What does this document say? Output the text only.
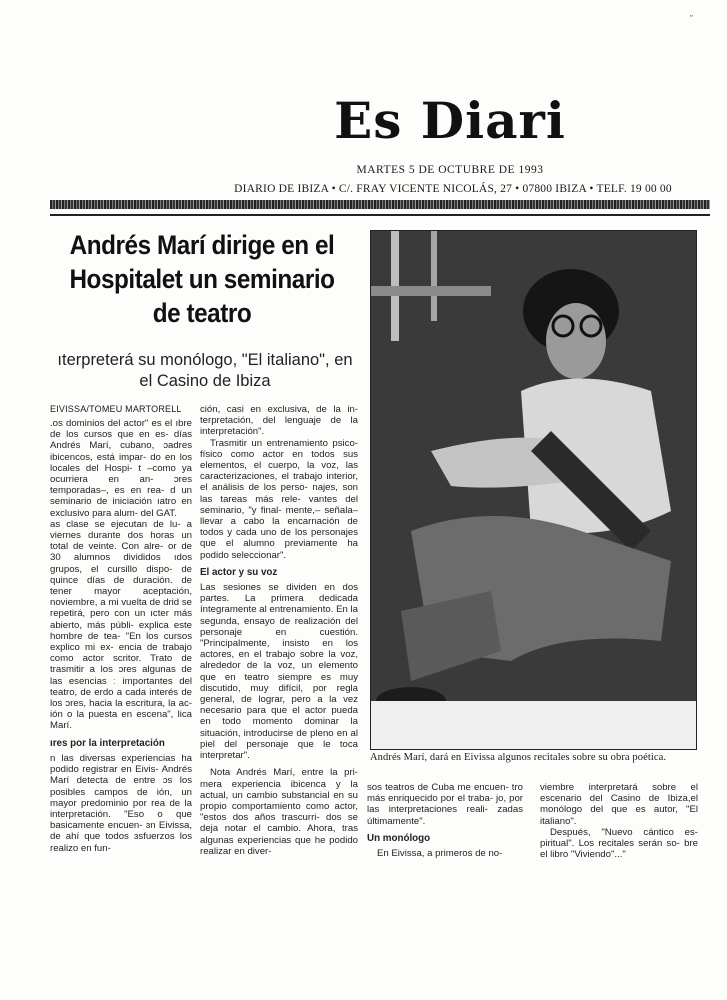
"
Es Diari
MARTES 5 DE OCTUBRE DE 1993
DIARIO DE IBIZA • C/. FRAY VICENTE NICOLÁS, 27 • 07800 IBIZA • TELF. 19 00 00
Andrés Marí dirige en el Hospitalet un seminario de teatro
ıterpreterá su monólogo, "El italiano", en el Casino de Ibiza
EIVISSA/TOMEU MARTORELL

.os dominios del actor" es el ıbre de los cursos que en es- días Andrés Marí, cubano, ɔadres ibicencos, está impar- do en los locales del Hospi- t –como ya ocurriera en an- ɔres temporadas–, es en rea- d un seminario de iniciación ıatro en exclusivo para alum- del GAT.

as clase se ejecutan de lu- a viernes durante dos horas un total de veinte. Con alre- or de 30 alumnos divididos ıdos grupos, el cursillo dispo- de quince días de duración. de tener mayor aceptación, noviembre, a mi vuelta de drid se repetirá, pero con un ıcter más abierto, más públi- explica este hombre de tea- "En los cursos explico mi ex- encia de trabajo como actor scritor. Trato de trasmitir a los ɔres algunas de las esencias ː importantes del teatro, de erdo a cada interés de los ɔres, hacia la escritura, la ac- ión o la puesta en escena", lica Marí.

ıres por la interpretación

n las diversas experiencias ha podido registrar en Eivis- Andrés Marí detecta de entre ɔs los posibles campos de ión, un mayor predominio por rea de la interpretación. "Eso o que basicamente encuen- ɜn Eivissa, de ahí que todos ɜsfuerzos los realizo en fun-

ción, casi en exclusiva, de la in- terpretación, del lenguaje de la interpretación".

Trasmitir un entrenamiento psico-físico como actor en todos sus elementos, el cuerpo, la voz, las caracterizaciones, el trabajo interior, el análisis de los perso- najes, son las tareas más rele- vantes del seminario, "y final- mente,– señala– llevar a cabo la encarnación de todos y cada uno de los personajes que el alumno previamente ha podido seleccionar".

El actor y su voz

Las sesiones se dividen en dos partes. La primera dedicada íntegramente al entrenamiento. En la segunda, ensayo de realización del personaje en cuestión. "Principalmente, insisto en los actores, en el trabajo sobre la voz, alrededor de la voz, un elemento que en teatro siempre es muy discutido, muy difícil, por regla general, de lograr, pero a la vez necesario para que el actor pueda en todo momento dominar la situación, introducirse de pleno en al piel del personaje que le toca interpretar".

Nota Andrés Marí, entre la pri- mera experiencia ibicenca y la actual, un cambio substancial en su propio comportamiento como actor, "estos dos años trascurri- dos se deja notar el cambio. Ahora, tras algunas experiencias que he podido realizar en diver-

Andrés Marí, dará en Eivissa algunos recitales sobre su obra poética.

sos teatros de Cuba me encuen- tro más enriquecido por el traba- jo, por las interpretaciones reali- zadas últimamente".

Un monólogo

En Eivissa, a primeros de no-

viembre interpretará sobre el escenario del Casino de Ibiza,el monólogo del que es autor, "El italiano".

Después, "Nuevo cántico es- piritual". Los recitales serán so- bre el libro "Viviendo"..."
